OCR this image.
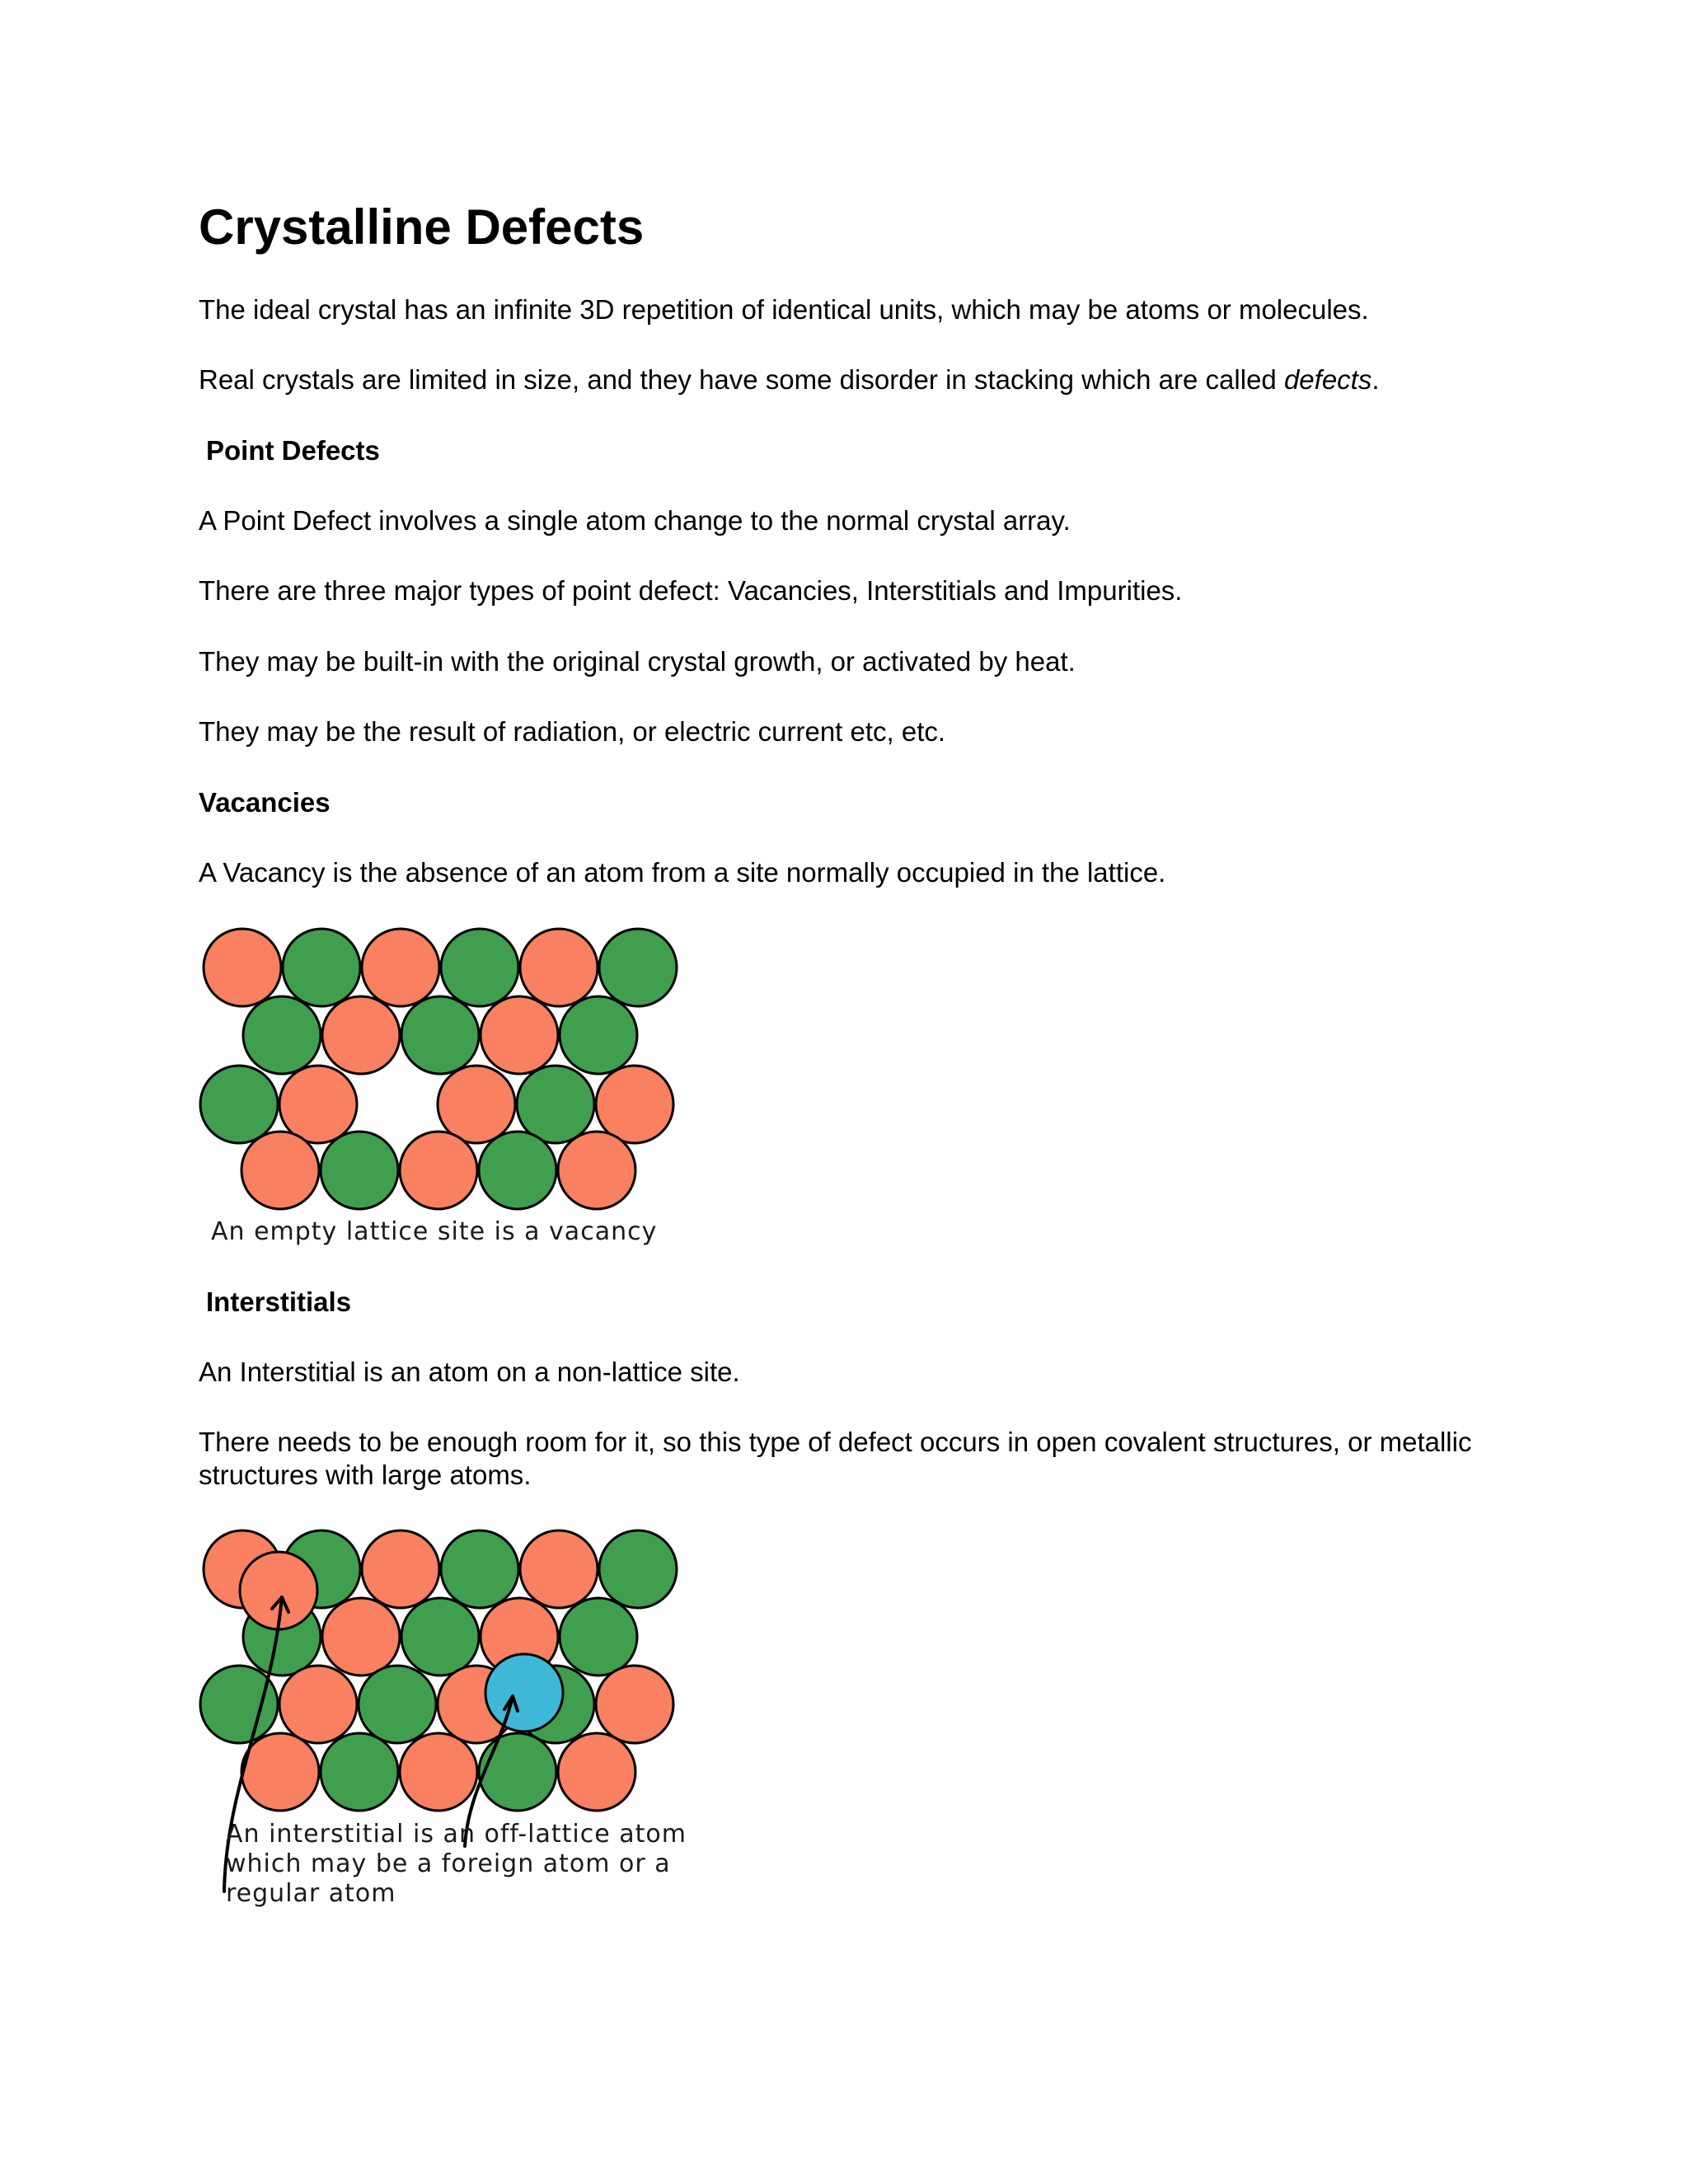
Crystalline Defects

The ideal crystal has an infinite 3D repetition of identical units, which may be atoms or molecules.

Real crystals are limited in size, and they have some disorder in stacking which are called defects.

Point Defects

A Point Defect involves a single atom change to the normal crystal array.

There are three major types of point defect: Vacancies, Interstitials and Impurities.

They may be built-in with the original crystal growth, or activated by heat.

They may be the result of radiation, or electric current etc, etc.

Vacancies

A Vacancy is the absence of an atom from a site normally occupied in the lattice.

An empty lattice site is a vacancy
Interstitials

An Interstitial is an atom on a non-lattice site.

There needs to be enough room for it, so this type of defect occurs in open covalent structures, or metallic structures with large atoms.

An interstitial is an off-lattice atom
which may be a foreign atom or a
regular atom
